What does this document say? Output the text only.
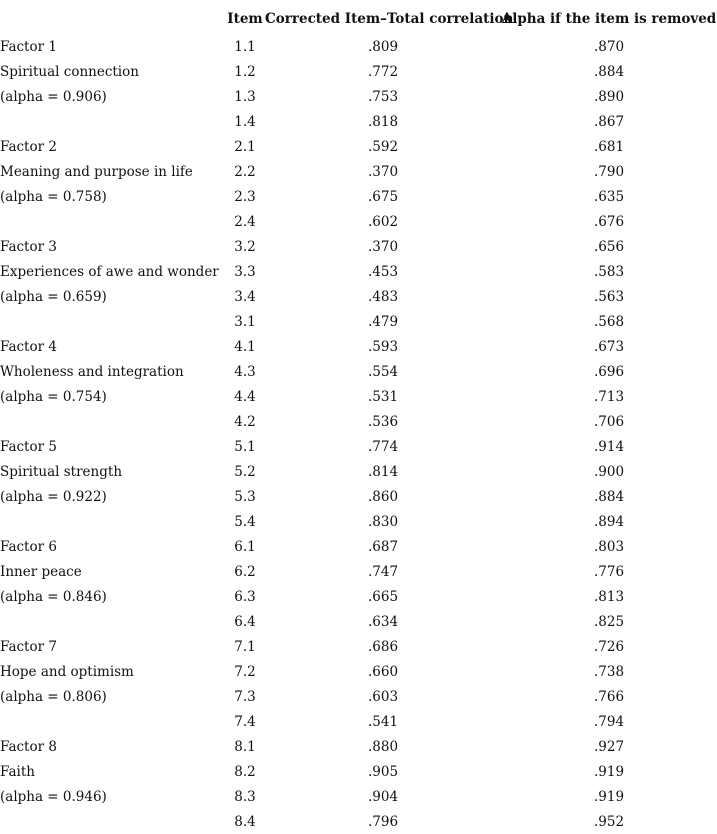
	Item	Corrected Item–Total correlation	Alpha if the item is removed
Factor 1	1.1	.809	.870
Spiritual connection	1.2	.772	.884
(alpha = 0.906)	1.3	.753	.890
	1.4	.818	.867
Factor 2	2.1	.592	.681
Meaning and purpose in life	2.2	.370	.790
(alpha = 0.758)	2.3	.675	.635
	2.4	.602	.676
Factor 3	3.2	.370	.656
Experiences of awe and wonder	3.3	.453	.583
(alpha = 0.659)	3.4	.483	.563
	3.1	.479	.568
Factor 4	4.1	.593	.673
Wholeness and integration	4.3	.554	.696
(alpha = 0.754)	4.4	.531	.713
	4.2	.536	.706
Factor 5	5.1	.774	.914
Spiritual strength	5.2	.814	.900
(alpha = 0.922)	5.3	.860	.884
	5.4	.830	.894
Factor 6	6.1	.687	.803
Inner peace	6.2	.747	.776
(alpha = 0.846)	6.3	.665	.813
	6.4	.634	.825
Factor 7	7.1	.686	.726
Hope and optimism	7.2	.660	.738
(alpha = 0.806)	7.3	.603	.766
	7.4	.541	.794
Factor 8	8.1	.880	.927
Faith	8.2	.905	.919
(alpha = 0.946)	8.3	.904	.919
	8.4	.796	.952
